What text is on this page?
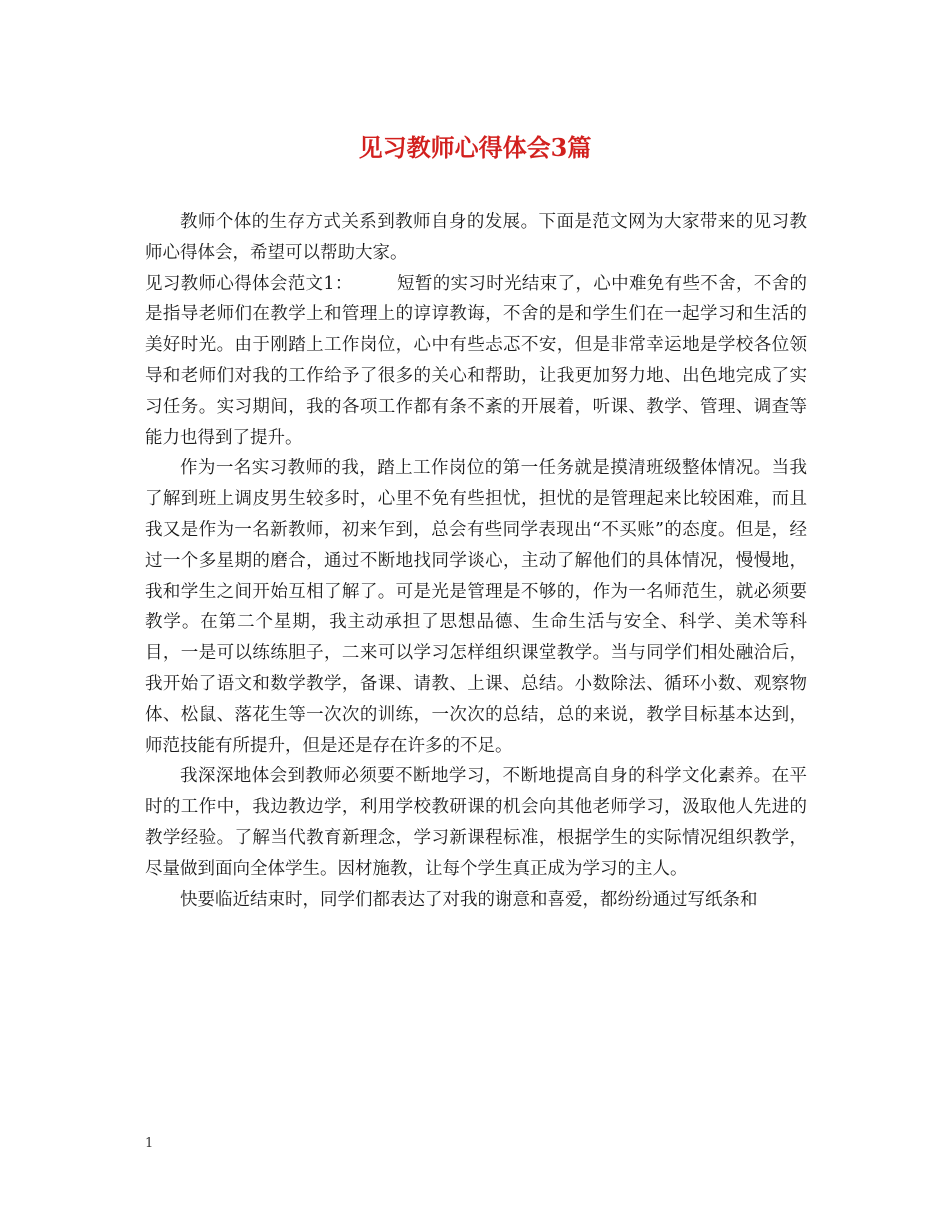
见习教师心得体会3篇

教师个体的生存方式关系到教师自身的发展。下面是范文网为大家带来的见习教师心得体会，希望可以帮助大家。

见习教师心得体会范文1：	短暂的实习时光结束了，心中难免有些不舍，不舍的是指导老师们在教学上和管理上的谆谆教诲，不舍的是和学生们在一起学习和生活的美好时光。由于刚踏上工作岗位，心中有些忐忑不安，但是非常幸运地是学校各位领导和老师们对我的工作给予了很多的关心和帮助，让我更加努力地、出色地完成了实习任务。实习期间，我的各项工作都有条不紊的开展着，听课、教学、管理、调查等能力也得到了提升。

作为一名实习教师的我，踏上工作岗位的第一任务就是摸清班级整体情况。当我了解到班上调皮男生较多时，心里不免有些担忧，担忧的是管理起来比较困难，而且我又是作为一名新教师，初来乍到，总会有些同学表现出“不买账”的态度。但是，经过一个多星期的磨合，通过不断地找同学谈心，主动了解他们的具体情况，慢慢地，我和学生之间开始互相了解了。可是光是管理是不够的，作为一名师范生，就必须要教学。在第二个星期，我主动承担了思想品德、生命生活与安全、科学、美术等科目，一是可以练练胆子，二来可以学习怎样组织课堂教学。当与同学们相处融洽后，我开始了语文和数学教学，备课、请教、上课、总结。小数除法、循环小数、观察物体、松鼠、落花生等一次次的训练，一次次的总结，总的来说，教学目标基本达到，师范技能有所提升，但是还是存在许多的不足。

我深深地体会到教师必须要不断地学习，不断地提高自身的科学文化素养。在平时的工作中，我边教边学，利用学校教研课的机会向其他老师学习，汲取他人先进的教学经验。了解当代教育新理念，学习新课程标准，根据学生的实际情况组织教学，尽量做到面向全体学生。因材施教，让每个学生真正成为学习的主人。

快要临近结束时，同学们都表达了对我的谢意和喜爱，都纷纷通过写纸条和

1
